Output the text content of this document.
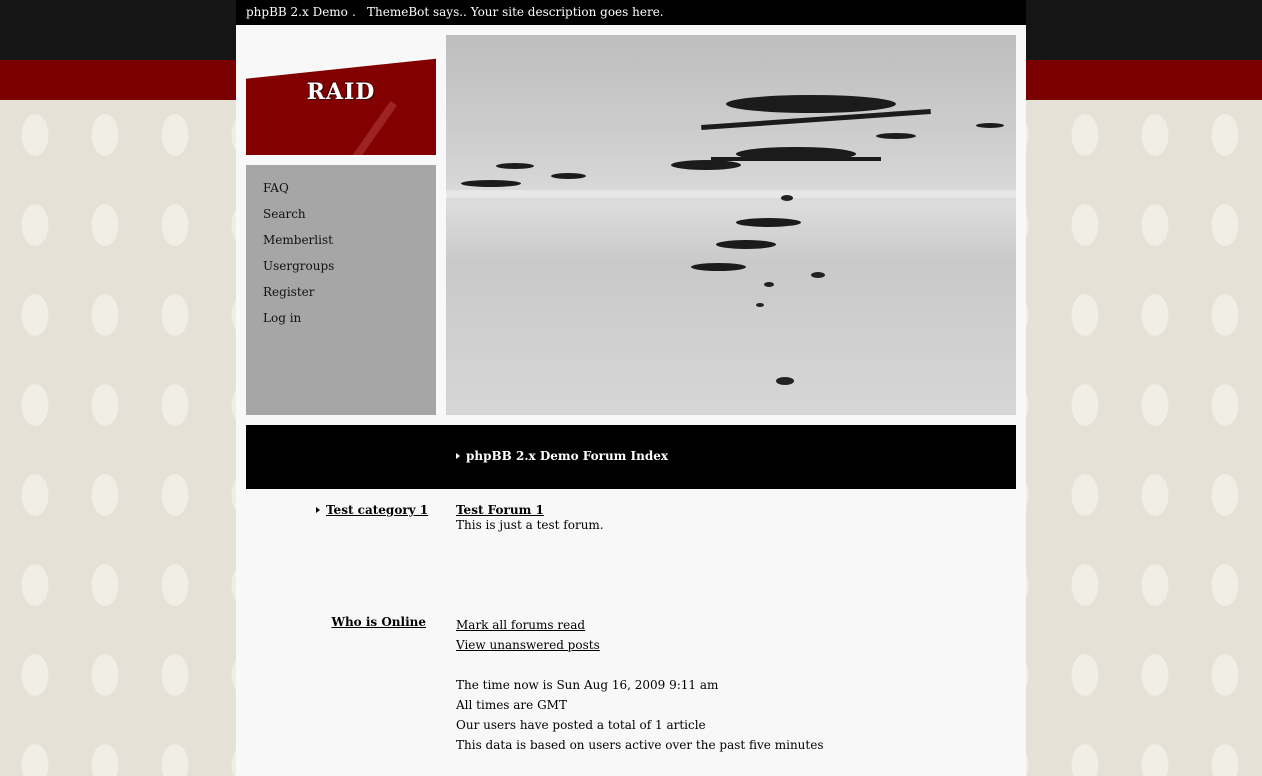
phpBB 2.x Demo . ThemeBot says.. Your site description goes here.
RAID
FAQ
Search
Memberlist
Usergroups
Register
Log in
phpBB 2.x Demo Forum Index
Test category 1 Test Forum 1
This is just a test forum.
Who is Online	Mark all forums read
View unanswered posts
The time now is Sun Aug 16, 2009 9:11 am
All times are GMT
Our users have posted a total of 1 article
This data is based on users active over the past five minutes
